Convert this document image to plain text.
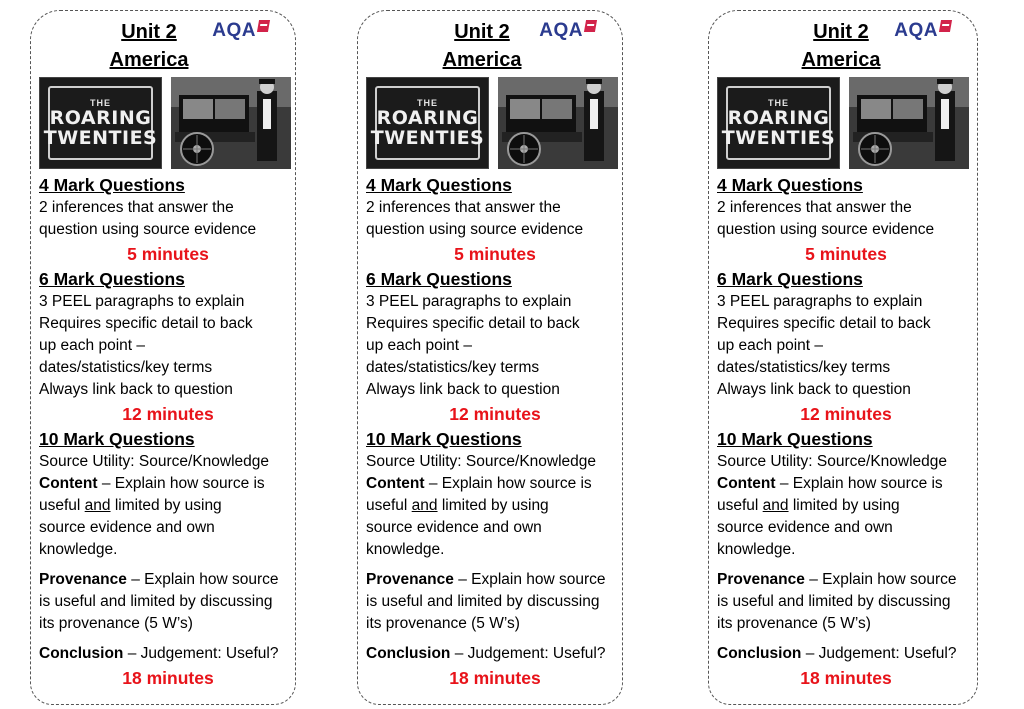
Unit 2
America
AQA
THE
ROARING
TWENTIES
4 Mark Questions
2 inferences that answer the
question using source evidence
5 minutes
6 Mark Questions
3 PEEL paragraphs to explain
Requires specific detail to back
up each point –
dates/statistics/key terms
Always link back to question
12 minutes
10 Mark Questions
Source Utility: Source/Knowledge
Content – Explain how source is
useful and limited by using
source evidence and own
knowledge.
Provenance – Explain how source
is useful and limited by discussing
its provenance (5 W’s)
Conclusion – Judgement: Useful?
18 minutes
Unit 2
America
AQA
THE
ROARING
TWENTIES
4 Mark Questions
2 inferences that answer the
question using source evidence
5 minutes
6 Mark Questions
3 PEEL paragraphs to explain
Requires specific detail to back
up each point –
dates/statistics/key terms
Always link back to question
12 minutes
10 Mark Questions
Source Utility: Source/Knowledge
Content – Explain how source is
useful and limited by using
source evidence and own
knowledge.
Provenance – Explain how source
is useful and limited by discussing
its provenance (5 W’s)
Conclusion – Judgement: Useful?
18 minutes
Unit 2
America
AQA
THE
ROARING
TWENTIES
4 Mark Questions
2 inferences that answer the
question using source evidence
5 minutes
6 Mark Questions
3 PEEL paragraphs to explain
Requires specific detail to back
up each point –
dates/statistics/key terms
Always link back to question
12 minutes
10 Mark Questions
Source Utility: Source/Knowledge
Content – Explain how source is
useful and limited by using
source evidence and own
knowledge.
Provenance – Explain how source
is useful and limited by discussing
its provenance (5 W’s)
Conclusion – Judgement: Useful?
18 minutes
